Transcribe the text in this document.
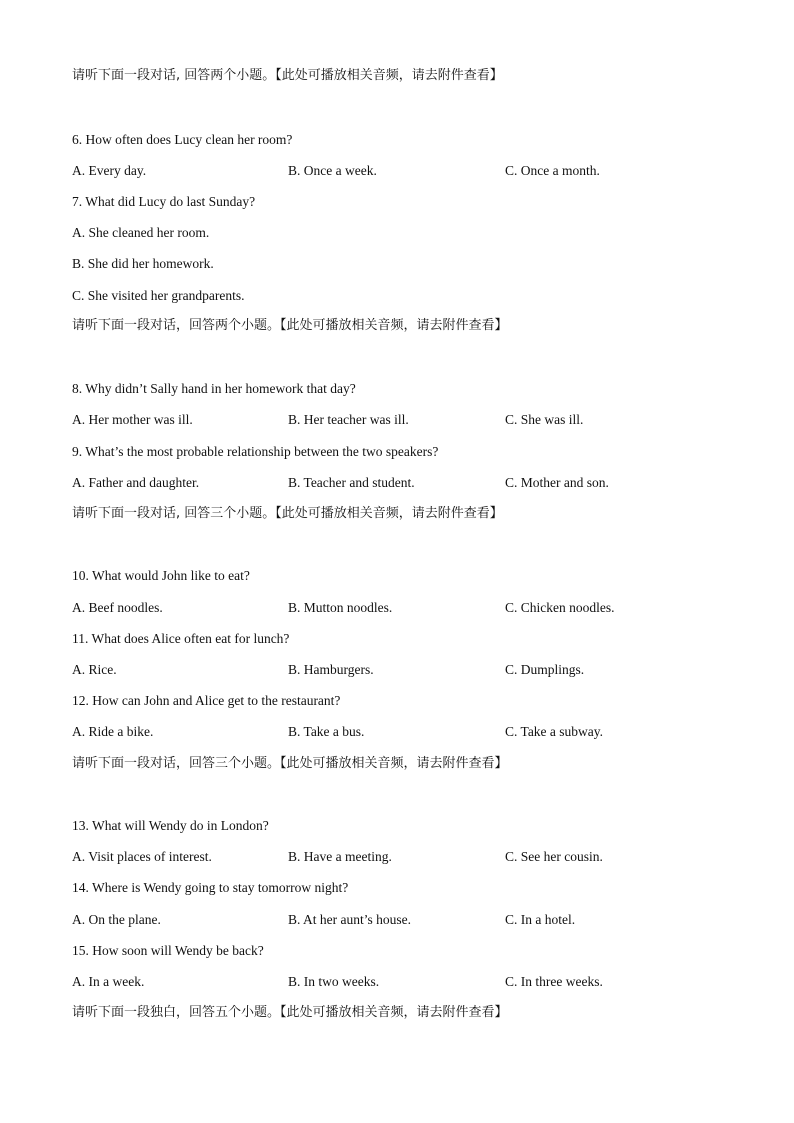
请听下面一段对话, 回答两个小题。【此处可播放相关音频，请去附件查看】
6. How often does Lucy clean her room?
A. Every day.	B. Once a week.	C. Once a month.
7. What did Lucy do last Sunday?
A. She cleaned her room.
B. She did her homework.
C. She visited her grandparents.
请听下面一段对话，回答两个小题。【此处可播放相关音频，请去附件查看】
8. Why didn’t Sally hand in her homework that day?
A. Her mother was ill.	B. Her teacher was ill.	C. She was ill.
9. What’s the most probable relationship between the two speakers?
A. Father and daughter.	B. Teacher and student.	C. Mother and son.
请听下面一段对话, 回答三个小题。【此处可播放相关音频，请去附件查看】
10. What would John like to eat?
A. Beef noodles.	B. Mutton noodles.	C. Chicken noodles.
11. What does Alice often eat for lunch?
A. Rice.	B. Hamburgers.	C. Dumplings.
12. How can John and Alice get to the restaurant?
A. Ride a bike.	B. Take a bus.	C. Take a subway.
请听下面一段对话，回答三个小题。【此处可播放相关音频，请去附件查看】
13. What will Wendy do in London?
A. Visit places of interest.	B. Have a meeting.	C. See her cousin.
14. Where is Wendy going to stay tomorrow night?
A. On the plane.	B. At her aunt’s house.	C. In a hotel.
15. How soon will Wendy be back?
A. In a week.	B. In two weeks.	C. In three weeks.
请听下面一段独白，回答五个小题。【此处可播放相关音频，请去附件查看】
